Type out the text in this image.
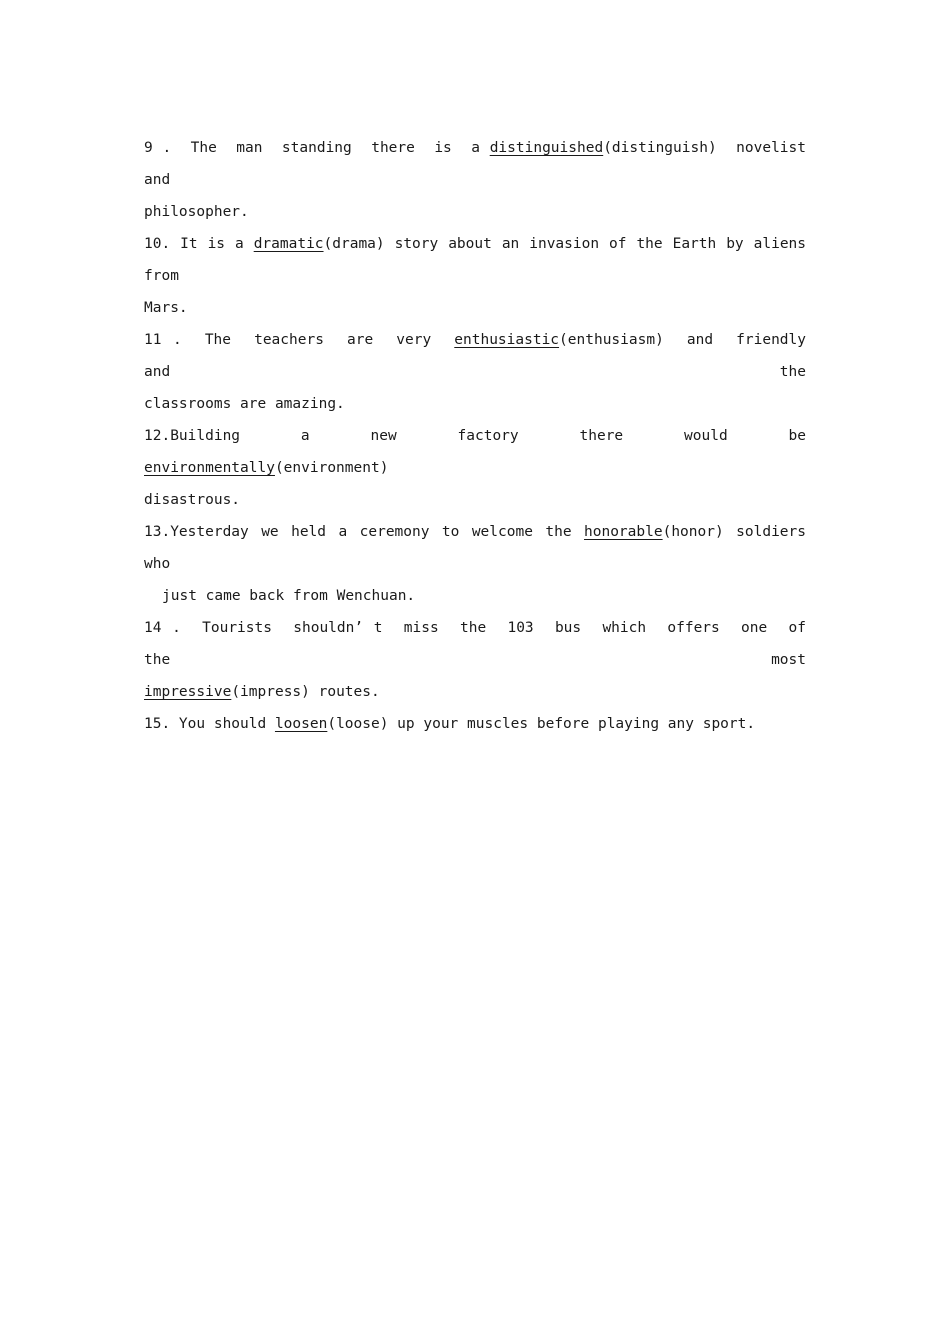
9 .  The  man  standing  there  is  a distinguished(distinguish)  novelist  and
philosopher.
10. It is a dramatic(drama) story about an invasion of the Earth by aliens from
Mars.
11 .  The  teachers  are  very  enthusiastic(enthusiasm)  and  friendly  and  the
classrooms are amazing.
12.Building   a   new   factory   there   would   be   environmentally(environment)
disastrous.
13.Yesterday we held a ceremony to welcome the honorable(honor) soldiers who
just came back from Wenchuan.
14 .  Tourists  shouldn’ t  miss  the  103  bus  which  offers  one  of  the  most
impressive(impress) routes.
15. You should loosen(loose) up your muscles before playing any sport.
